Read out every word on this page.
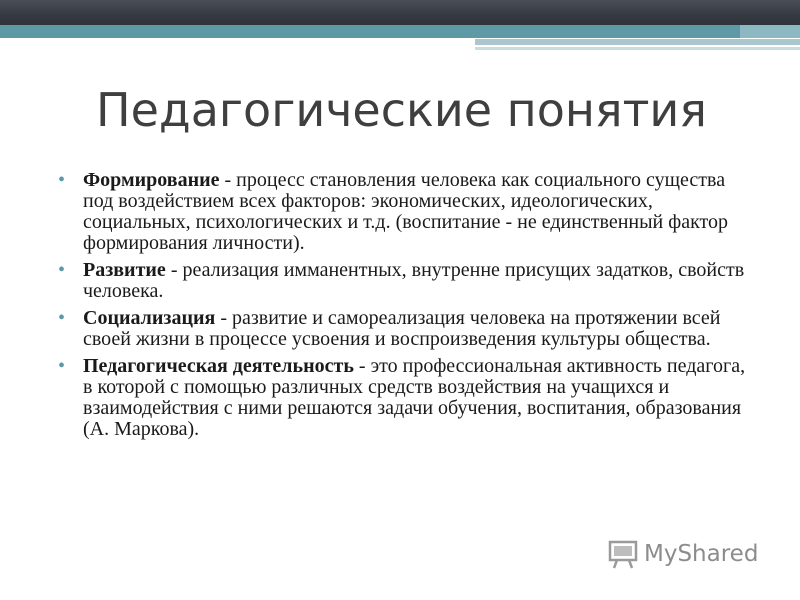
Педагогические понятия
• Формирование - процесс становления человека как социального существа под воздействием всех факторов: экономических, идеологических, социальных, психологических и т.д. (воспитание - не единственный фактор формирования личности).
• Развитие - реализация имманентных, внутренне присущих задатков, свойств человека.
• Социализация - развитие и самореализация человека на протяжении всей своей жизни в процессе усвоения и воспроизведения культуры общества.
• Педагогическая деятельность - это профессиональная активность педагога, в которой с помощью различных средств воздействия на учащихся и взаимодействия с ними решаются задачи обучения, воспитания, образования (А. Маркова).
MyShared
